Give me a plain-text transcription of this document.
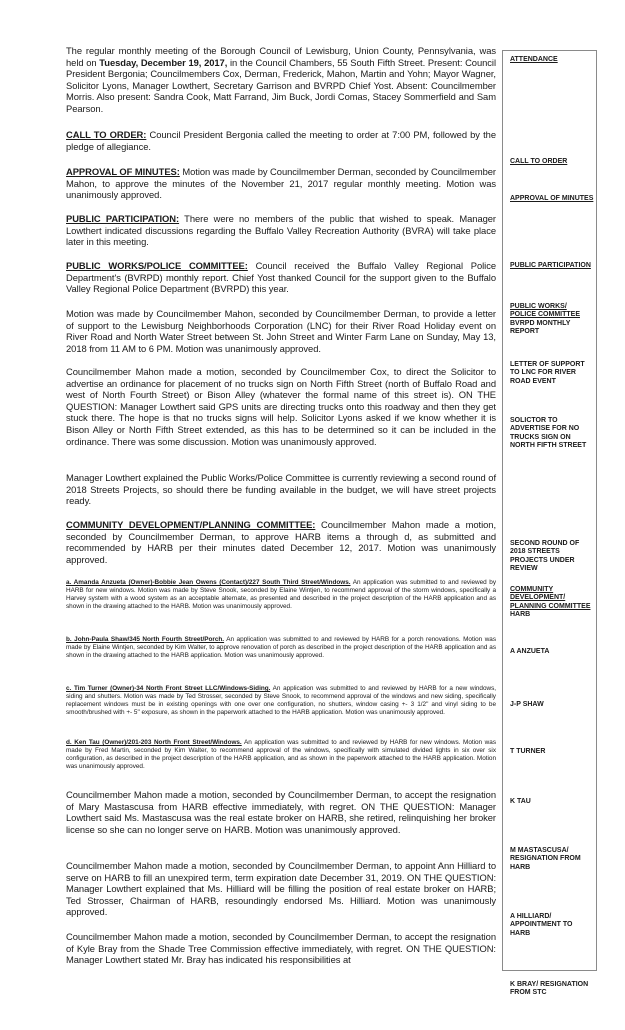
The regular monthly meeting of the Borough Council of Lewisburg, Union County, Pennsylvania, was held on Tuesday, December 19, 2017, in the Council Chambers, 55 South Fifth Street. Present: Council President Bergonia; Councilmembers Cox, Derman, Frederick, Mahon, Martin and Yohn; Mayor Wagner, Solicitor Lyons, Manager Lowthert, Secretary Garrison and BVRPD Chief Yost. Absent: Councilmember Morris. Also present: Sandra Cook, Matt Farrand, Jim Buck, Jordi Comas, Stacey Sommerfield and Sam Pearson.

CALL TO ORDER: Council President Bergonia called the meeting to order at 7:00 PM, followed by the pledge of allegiance.

APPROVAL OF MINUTES: Motion was made by Councilmember Derman, seconded by Councilmember Mahon, to approve the minutes of the November 21, 2017 regular monthly meeting. Motion was unanimously approved.

PUBLIC PARTICIPATION: There were no members of the public that wished to speak. Manager Lowthert indicated discussions regarding the Buffalo Valley Recreation Authority (BVRA) will take place later in this meeting.

PUBLIC WORKS/POLICE COMMITTEE: Council received the Buffalo Valley Regional Police Department's (BVRPD) monthly report. Chief Yost thanked Council for the support given to the Buffalo Valley Regional Police Department (BVRPD) this year.

Motion was made by Councilmember Mahon, seconded by Councilmember Derman, to provide a letter of support to the Lewisburg Neighborhoods Corporation (LNC) for their River Road Holiday event on River Road and North Water Street between St. John Street and Winter Farm Lane on Sunday, May 13, 2018 from 11 AM to 6 PM. Motion was unanimously approved.

Councilmember Mahon made a motion, seconded by Councilmember Cox, to direct the Solicitor to advertise an ordinance for placement of no trucks sign on North Fifth Street (north of Buffalo Road and west of North Fourth Street) or Bison Alley (whatever the formal name of this street is). ON THE QUESTION: Manager Lowthert said GPS units are directing trucks onto this roadway and then they get stuck there. The hope is that no trucks signs will help. Solicitor Lyons asked if we know whether it is Bison Alley or North Fifth Street extended, as this has to be determined so it can be included in the ordinance. There was some discussion. Motion was unanimously approved.

Manager Lowthert explained the Public Works/Police Committee is currently reviewing a second round of 2018 Streets Projects, so should there be funding available in the budget, we will have street projects ready.

COMMUNITY DEVELOPMENT/PLANNING COMMITTEE: Councilmember Mahon made a motion, seconded by Councilmember Derman, to approve HARB items a through d, as submitted and recommended by HARB per their minutes dated December 12, 2017. Motion was unanimously approved.

a. Amanda Anzueta (Owner)-Bobbie Jean Owens (Contact)/227 South Third Street/Windows. An application was submitted to and reviewed by HARB for new windows. Motion was made by Steve Snook, seconded by Elaine Wintjen, to recommend approval of the storm windows, specifically a Harvey system with a wood system as an acceptable alternate, as presented and described in the project description of the HARB application and as shown in the drawing attached to the HARB. Motion was unanimously approved.

b. John-Paula Shaw/345 North Fourth Street/Porch. An application was submitted to and reviewed by HARB for a porch renovations. Motion was made by Elaine Wintjen, seconded by Kim Walter, to approve renovation of porch as described in the project description of the HARB application and as shown in the drawing attached to the HARB application. Motion was unanimously approved.

c. Tim Turner (Owner)-34 North Front Street LLC/Windows-Siding. An application was submitted to and reviewed by HARB for a new windows, siding and shutters. Motion was made by Ted Strosser, seconded by Steve Snook, to recommend approval of the windows and new siding, specifically replacement windows must be in existing openings with one over one configuration, no shutters, window casing +- 3 1/2" and vinyl siding to be smooth/brushed with +- 5" exposure, as shown in the paperwork attached to the HARB application. Motion was unanimously approved.

d. Ken Tau (Owner)/201-203 North Front Street/Windows. An application was submitted to and reviewed by HARB for new windows. Motion was made by Fred Martin, seconded by Kim Walter, to recommend approval of the windows, specifically with simulated divided lights in six over six configuration, as described in the project description of the HARB application, and as shown in the paperwork attached to the HARB application. Motion was unanimously approved.

Councilmember Mahon made a motion, seconded by Councilmember Derman, to accept the resignation of Mary Mastascusa from HARB effective immediately, with regret. ON THE QUESTION: Manager Lowthert said Ms. Mastascusa was the real estate broker on HARB, she retired, relinquishing her broker license so she can no longer serve on HARB. Motion was unanimously approved.

Councilmember Mahon made a motion, seconded by Councilmember Derman, to appoint Ann Hilliard to serve on HARB to fill an unexpired term, term expiration date December 31, 2019. ON THE QUESTION: Manager Lowthert explained that Ms. Hilliard will be filling the position of real estate broker on HARB; Ted Strosser, Chairman of HARB, resoundingly endorsed Ms. Hilliard. Motion was unanimously approved.

Councilmember Mahon made a motion, seconded by Councilmember Derman, to accept the resignation of Kyle Bray from the Shade Tree Commission effective immediately, with regret. ON THE QUESTION: Manager Lowthert stated Mr. Bray has indicated his responsibilities at

ATTENDANCE

CALL TO ORDER

APPROVAL OF MINUTES

PUBLIC PARTICIPATION

PUBLIC WORKS/ POLICE COMMITTEE
BVRPD MONTHLY REPORT

LETTER OF SUPPORT TO LNC FOR RIVER ROAD EVENT

SOLICTOR TO ADVERTISE FOR NO TRUCKS SIGN ON NORTH FIFTH STREET

SECOND ROUND OF 2018 STREETS PROJECTS UNDER REVIEW

COMMUNITY DEVELOPMENT/ PLANNING COMMITTEE
HARB

A ANZUETA

J-P SHAW

T TURNER

K TAU

M MASTASCUSA/ RESIGNATION FROM HARB

A HILLIARD/ APPOINTMENT TO HARB

K BRAY/ RESIGNATION FROM STC
